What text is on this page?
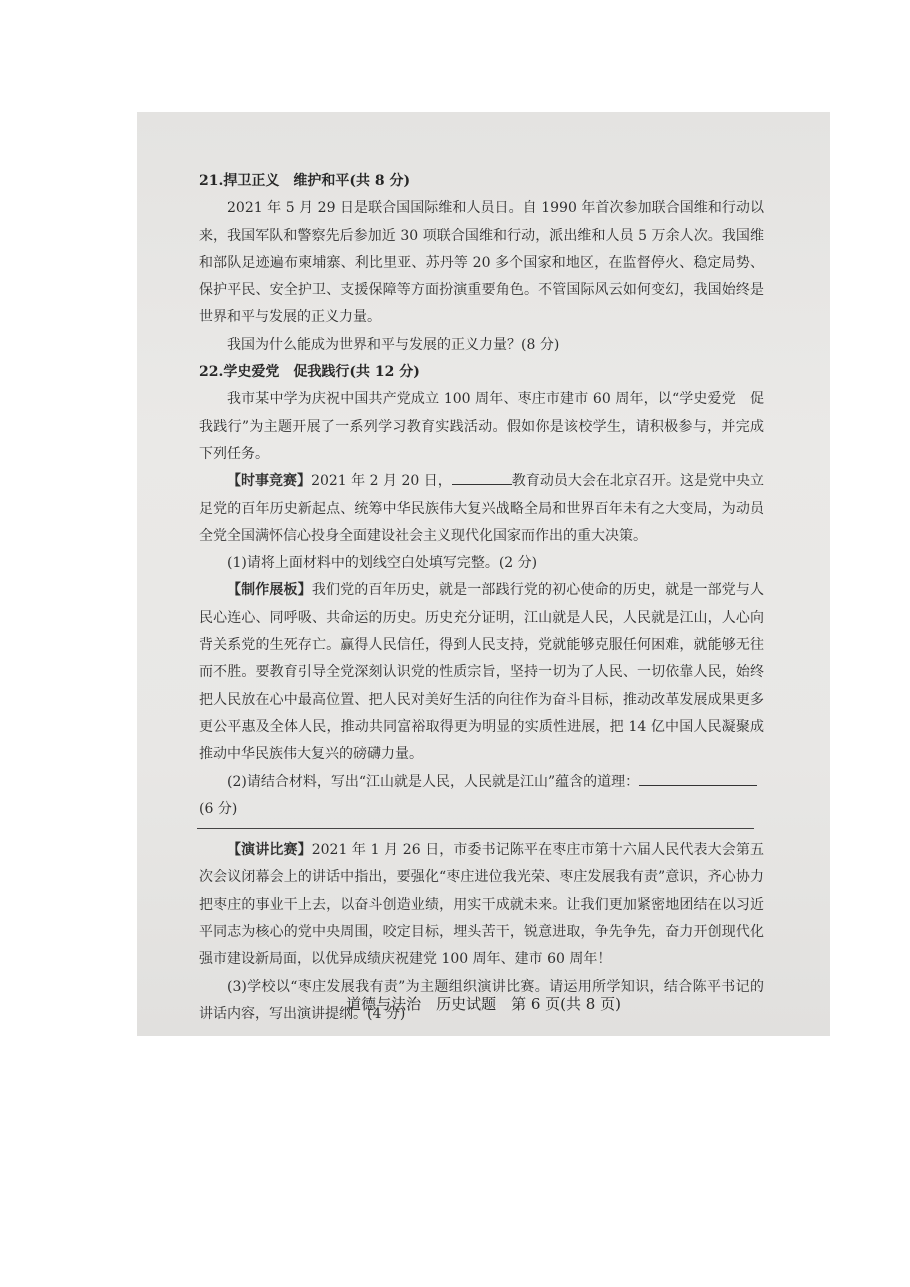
21.捍卫正义　维护和平(共 8 分)

2021 年 5 月 29 日是联合国国际维和人员日。自 1990 年首次参加联合国维和行动以来，我国军队和警察先后参加近 30 项联合国维和行动，派出维和人员 5 万余人次。我国维和部队足迹遍布柬埔寨、利比里亚、苏丹等 20 多个国家和地区，在监督停火、稳定局势、保护平民、安全护卫、支援保障等方面扮演重要角色。不管国际风云如何变幻，我国始终是世界和平与发展的正义力量。

我国为什么能成为世界和平与发展的正义力量？(8 分)

22.学史爱党　促我践行(共 12 分)

我市某中学为庆祝中国共产党成立 100 周年、枣庄市建市 60 周年，以“学史爱党　促我践行”为主题开展了一系列学习教育实践活动。假如你是该校学生，请积极参与，并完成下列任务。

【时事竞赛】2021 年 2 月 20 日，	教育动员大会在北京召开。这是党中央立足党的百年历史新起点、统筹中华民族伟大复兴战略全局和世界百年未有之大变局，为动员全党全国满怀信心投身全面建设社会主义现代化国家而作出的重大决策。

(1)请将上面材料中的划线空白处填写完整。(2 分)

【制作展板】我们党的百年历史，就是一部践行党的初心使命的历史，就是一部党与人民心连心、同呼吸、共命运的历史。历史充分证明，江山就是人民，人民就是江山，人心向背关系党的生死存亡。赢得人民信任，得到人民支持，党就能够克服任何困难，就能够无往而不胜。要教育引导全党深刻认识党的性质宗旨，坚持一切为了人民、一切依靠人民，始终把人民放在心中最高位置、把人民对美好生活的向往作为奋斗目标，推动改革发展成果更多更公平惠及全体人民，推动共同富裕取得更为明显的实质性进展，把 14 亿中国人民凝聚成推动中华民族伟大复兴的磅礴力量。

(2)请结合材料，写出“江山就是人民，人民就是江山”蕴含的道理：

(6 分)

【演讲比赛】2021 年 1 月 26 日，市委书记陈平在枣庄市第十六届人民代表大会第五次会议闭幕会上的讲话中指出，要强化“枣庄进位我光荣、枣庄发展我有责”意识，齐心协力把枣庄的事业干上去，以奋斗创造业绩，用实干成就未来。让我们更加紧密地团结在以习近平同志为核心的党中央周围，咬定目标，埋头苦干，锐意进取，争先争先，奋力开创现代化强市建设新局面，以优异成绩庆祝建党 100 周年、建市 60 周年！

(3)学校以“枣庄发展我有责”为主题组织演讲比赛。请运用所学知识，结合陈平书记的讲话内容，写出演讲提纲。(4 分)

道德与法治　历史试题　第 6 页(共 8 页)
